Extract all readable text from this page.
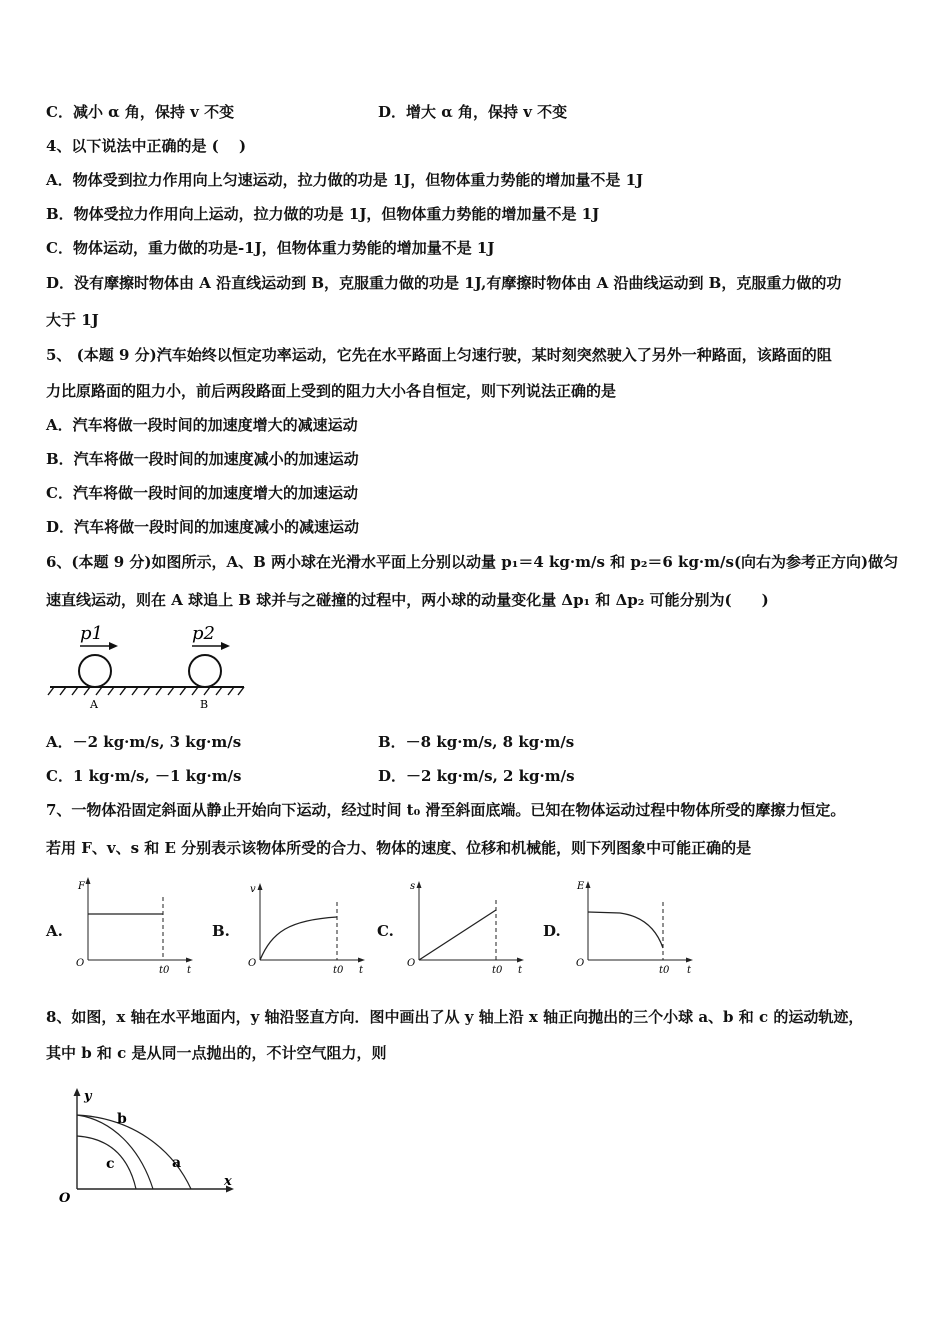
C．减小 α 角，保持 v 不变	D．增大 α 角，保持 v 不变
4、以下说法中正确的是 (　 )
A．物体受到拉力作用向上匀速运动，拉力做的功是 1J，但物体重力势能的增加量不是 1J
B．物体受拉力作用向上运动，拉力做的功是 1J，但物体重力势能的增加量不是 1J
C．物体运动，重力做的功是-1J，但物体重力势能的增加量不是 1J
D．没有摩擦时物体由 A 沿直线运动到 B，克服重力做的功是 1J,有摩擦时物体由 A 沿曲线运动到 B，克服重力做的功
大于 1J
5、 (本题 9 分)汽车始终以恒定功率运动，它先在水平路面上匀速行驶，某时刻突然驶入了另外一种路面，该路面的阻
力比原路面的阻力小，前后两段路面上受到的阻力大小各自恒定，则下列说法正确的是
A．汽车将做一段时间的加速度增大的减速运动
B．汽车将做一段时间的加速度减小的加速运动
C．汽车将做一段时间的加速度增大的加速运动
D．汽车将做一段时间的加速度减小的减速运动
6、(本题 9 分)如图所示，A、B 两小球在光滑水平面上分别以动量 p₁＝4 kg·m/s 和 p₂＝6 kg·m/s(向右为参考正方向)做匀
速直线运动，则在 A 球追上 B 球并与之碰撞的过程中，两小球的动量变化量 Δp₁ 和 Δp₂ 可能分别为(　　)
p1	p2
A	B
A．－2 kg·m/s, 3 kg·m/s	B．－8 kg·m/s, 8 kg·m/s
C．1 kg·m/s, －1 kg·m/s	D．－2 kg·m/s, 2 kg·m/s
7、一物体沿固定斜面从静止开始向下运动，经过时间 t₀ 滑至斜面底端。已知在物体运动过程中物体所受的摩擦力恒定。
若用 F、v、s 和 E 分别表示该物体所受的合力、物体的速度、位移和机械能，则下列图象中可能正确的是
A.	B.	C.	D.
F
O
t0 t
v
O
t0 t
s
O
t0 t
E
O
t0 t
8、如图，x 轴在水平地面内，y 轴沿竖直方向．图中画出了从 y 轴上沿 x 轴正向抛出的三个小球 a、b 和 c 的运动轨迹，
其中 b 和 c 是从同一点抛出的，不计空气阻力，则
y
x
O
b
c	a
